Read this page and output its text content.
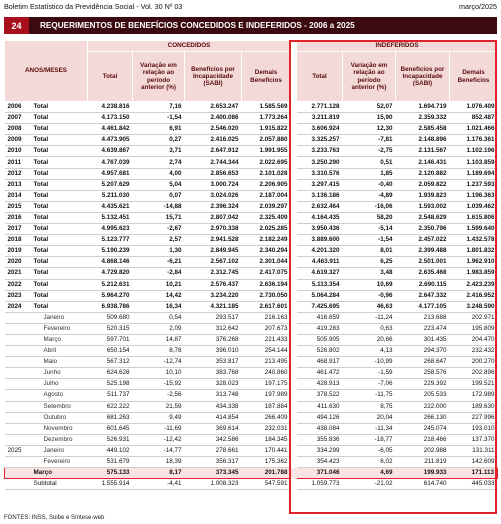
Boletim Estatístico da Previdência Social - Vol. 30 Nº 03	março/2025
24	REQUERIMENTOS DE BENEFÍCIOS CONCEDIDOS E INDEFERIDOS - 2006 a 2025
ANOS/MESES		CONCEDIDOS					INDEFERIDOS			
		Total	Variação em relação ao período anterior (%)	Benefícios por Incapacidade (SABI)	Demais Benefícios		Total	Variação em relação ao período anterior (%)	Benefícios por Incapacidade (SABI)	Demais Benefícios
2006	Total	4.238.816	7,16	2.653.247	1.585.569		2.771.128	52,07	1.694.719	1.076.409
2007	Total	4.173.150	-1,54	2.400.086	1.773.264		3.211.819	15,90	2.359.332	852.487
2008	Total	4.461.842	6,91	2.546.020	1.915.822		3.606.924	12,30	2.585.458	1.021.466
2009	Total	4.473.905	0,27	2.416.025	2.057.880		3.325.257	-7,81	2.148.896	1.176.361
2010	Total	4.639.867	3,71	2.647.912	1.991.955		3.233.763	-2,75	2.131.567	1.102.196
2011	Total	4.767.039	2,74	2.744.344	2.022.695		3.250.290	0,51	2.146.431	1.103.859
2012	Total	4.957.681	4,00	2.856.653	2.101.028		3.310.576	1,85	2.120.882	1.189.694
2013	Total	5.207.629	5,04	3.000.724	2.206.905		3.297.415	-0,40	2.059.822	1.237.593
2014	Total	5.211.030	0,07	3.024.026	2.187.004		3.136.186	-4,89	1.939.823	1.196.363
2015	Total	4.435.621	-14,88	2.396.324	2.039.297		2.632.464	-16,06	1.593.002	1.039.462
2016	Total	5.132.451	15,71	2.807.042	2.325.409		4.164.435	58,20	2.548.629	1.615.806
2017	Total	4.995.623	-2,67	2.970.338	2.025.285		3.950.436	-5,14	2.350.796	1.599.640
2018	Total	5.123.777	2,57	2.941.528	2.182.249		3.889.600	-1,54	2.457.022	1.432.578
2019	Total	5.190.239	1,30	2.849.945	2.340.294		4.201.320	8,01	2.399.488	1.801.832
2020	Total	4.868.146	-6,21	2.567.102	2.301.044		4.463.911	6,25	2.501.001	1.962.910
2021	Total	4.729.820	-2,84	2.312.745	2.417.075		4.619.327	3,48	2.635.468	1.983.859
2022	Total	5.212.631	10,21	2.576.437	2.636.194		5.113.354	10,69	2.690.115	2.423.239
2023	Total	5.964.270	14,42	3.234.220	2.730.050		5.064.284	-0,96	2.647.332	2.416.952
2024	Total	6.938.786	16,34	4.321.185	2.617.601		7.425.695	46,63	4.177.105	3.248.590
	Janeiro	509.680	0,54	293.517	216.163		416.659	-11,24	213.688	202.971
	Fevereiro	520.315	2,09	312.642	207.673		419.283	0,63	223.474	195.809
	Março	597.701	14,87	376.268	221.433		505.905	20,66	301.435	204.470
	Abril	650.154	8,78	396.010	254.144		526.802	4,13	294.370	232.432
	Maio	567.312	-12,74	353.817	213.495		468.917	-10,99	268.647	200.270
	Junho	624.628	10,10	383.768	240.860		461.472	-1,59	258.576	202.896
	Julho	525.198	-15,92	328.023	197.175		428.913	-7,06	229.392	199.521
	Agosto	511.737	-2,56	313.748	197.989		378.522	-11,75	205.533	172.989
	Setembro	622.222	21,59	434.338	187.884		411.630	8,75	222.000	189.630
	Outubro	681.263	9,49	414.854	266.409		494.126	20,04	266.130	227.996
	Novembro	601.645	-11,69	369.614	232.031		438.084	-11,34	245.074	193.010
	Dezembro	526.931	-12,42	342.586	184.345		355.836	-18,77	218.466	137.370
2025	Janeiro	449.102	-14,77	278.661	170.441		334.299	-6,05	202.988	131.311
	Fevereiro	531.679	18,39	356.317	175.362		354.423	6,02	211.819	142.609
	Março	575.133	8,17	373.345	201.788		371.046	4,69	199.933	171.113
	Subtotal	1.555.914	-4,41	1.008.323	547.591		1.059.773	-21,02	614.740	445.033
FONTES: INSS, Suibe e Síntese-web
